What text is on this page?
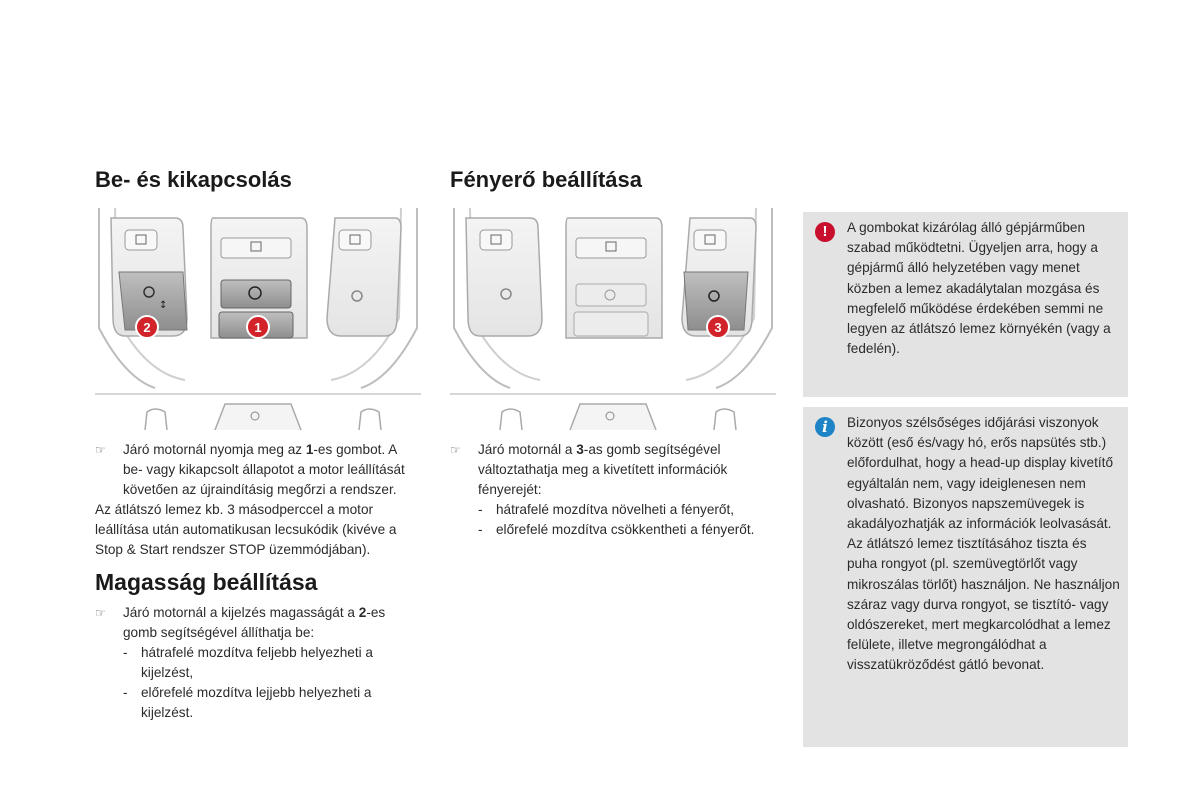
Be- és kikapcsolás	Fényerő beállítása
Magasság beállítása
↕
2	1	3
☞ Járó motornál nyomja meg az 1-es gombot. A be- vagy kikapcsolt állapotot a motor leállítását követően az újraindításig megőrzi a rendszer.
Az átlátszó lemez kb. 3 másodperccel a motor leállítása után automatikusan lecsukódik (kivéve a Stop & Start rendszer STOP üzemmódjában).
☞ Járó motornál a kijelzés magasságát a 2-es gomb segítségével állíthatja be:
- hátrafelé mozdítva feljebb helyezheti a kijelzést,
- előrefelé mozdítva lejjebb helyezheti a kijelzést.
☞ Járó motornál a 3-as gomb segítségével változtathatja meg a kivetített információk fényerejét:
- hátrafelé mozdítva növelheti a fényerőt,
- előrefelé mozdítva csökkentheti a fényerőt.
!	A gombokat kizárólag álló gépjárműben szabad működtetni. Ügyeljen arra, hogy a gépjármű álló helyzetében vagy menet közben a lemez akadálytalan mozgása és megfelelő működése érdekében semmi ne legyen az átlátszó lemez környékén (vagy a fedelén).
i	Bizonyos szélsőséges időjárási viszonyok között (eső és/vagy hó, erős napsütés stb.) előfordulhat, hogy a head-up display kivetítő egyáltalán nem, vagy ideiglenesen nem olvasható. Bizonyos napszemüvegek is akadályozhatják az információk leolvasását. Az átlátszó lemez tisztításához tiszta és puha rongyot (pl. szemüvegtörlőt vagy mikroszálas törlőt) használjon. Ne használjon száraz vagy durva rongyot, se tisztító- vagy oldószereket, mert megkarcolódhat a lemez felülete, illetve megrongálódhat a visszatükröződést gátló bevonat.
